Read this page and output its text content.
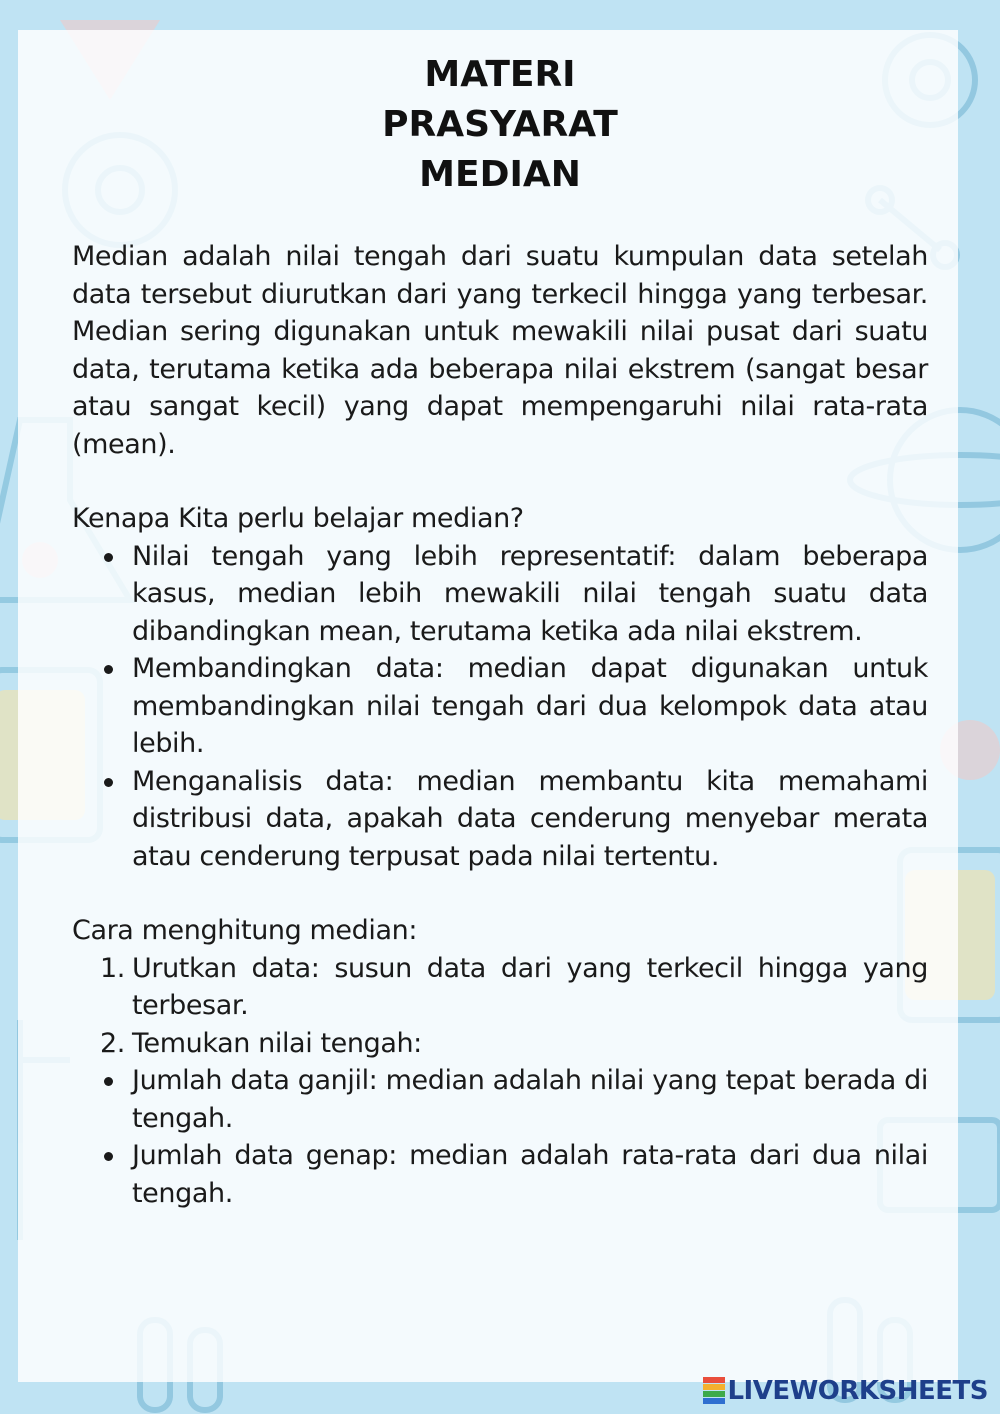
MATERI
PRASYARAT
MEDIAN

Median adalah nilai tengah dari suatu kumpulan data setelah data tersebut diurutkan dari yang terkecil hingga yang terbesar. Median sering digunakan untuk mewakili nilai pusat dari suatu data, terutama ketika ada beberapa nilai ekstrem (sangat besar atau sangat kecil) yang dapat mempengaruhi nilai rata-rata (mean).

Kenapa Kita perlu belajar median?

Nilai tengah yang lebih representatif: dalam beberapa kasus, median lebih mewakili nilai tengah suatu data dibandingkan mean, terutama ketika ada nilai ekstrem.
Membandingkan data: median dapat digunakan untuk membandingkan nilai tengah dari dua kelompok data atau lebih.
Menganalisis data: median membantu kita memahami distribusi data, apakah data cenderung menyebar merata atau cenderung terpusat pada nilai tertentu.

Cara menghitung median:

1. Urutkan data: susun data dari yang terkecil hingga yang terbesar.
2. Temukan nilai tengah:
Jumlah data ganjil: median adalah nilai yang tepat berada di tengah.
Jumlah data genap: median adalah rata-rata dari dua nilai tengah.
LIVEWORKSHEETS
